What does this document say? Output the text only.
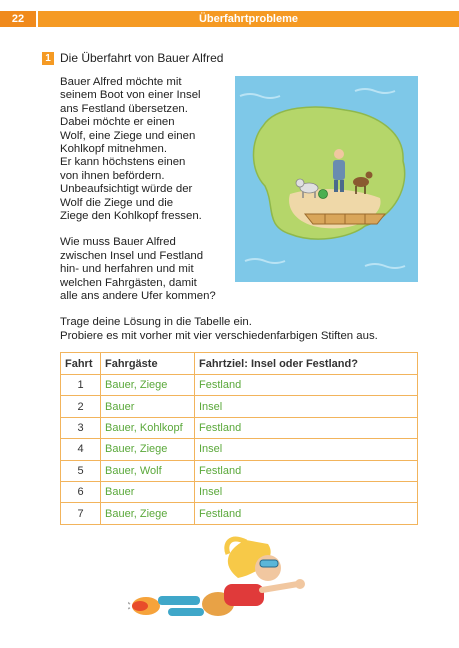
22	Überfahrtprobleme
1 Die Überfahrt von Bauer Alfred

Bauer Alfred möchte mit
seinem Boot von einer Insel
ans Festland übersetzen.
Dabei möchte er einen
Wolf, eine Ziege und einen
Kohlkopf mitnehmen.
Er kann höchstens einen
von ihnen befördern.
Unbeaufsichtigt würde der
Wolf die Ziege und die
Ziege den Kohlkopf fressen.

Wie muss Bauer Alfred
zwischen Insel und Festland
hin- und herfahren und mit
welchen Fahrgästen, damit
alle ans andere Ufer kommen?

Trage deine Lösung in die Tabelle ein.
Probiere es mit vorher mit vier verschiedenfarbigen Stiften aus.
Fahrt	Fahrgäste	Fahrtziel: Insel oder Festland?
1	Bauer, Ziege	Festland
2	Bauer	Insel
3	Bauer, Kohlkopf	Festland
4	Bauer, Ziege	Insel
5	Bauer, Wolf	Festland
6	Bauer	Insel
7	Bauer, Ziege	Festland
